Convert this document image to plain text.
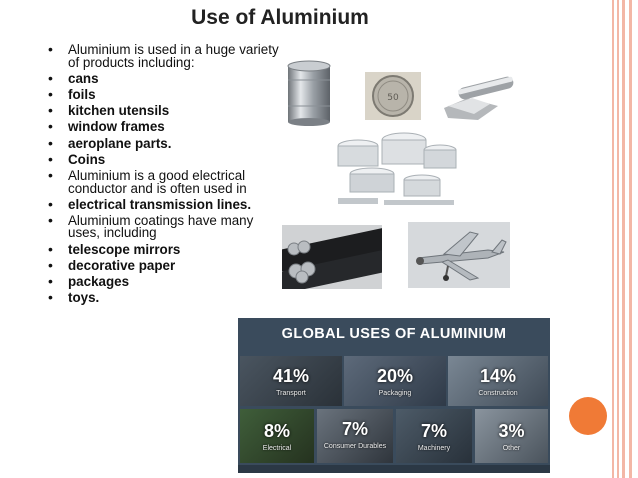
Use of Aluminium
• Aluminium is used in a huge variety of products including:
• cans
• foils
• kitchen utensils
• window frames
• aeroplane parts.
• Coins
• Aluminium is a good electrical conductor and is often used in
• electrical transmission lines.
• Aluminium coatings have many uses, including
• telescope mirrors
• decorative paper
• packages
• toys.
50
GLOBAL USES OF ALUMINIUM
41%
Transport
20%
Packaging
14%
Construction
8%
Electrical
7%
Consumer Durables
7%
Machinery
3%
Other
